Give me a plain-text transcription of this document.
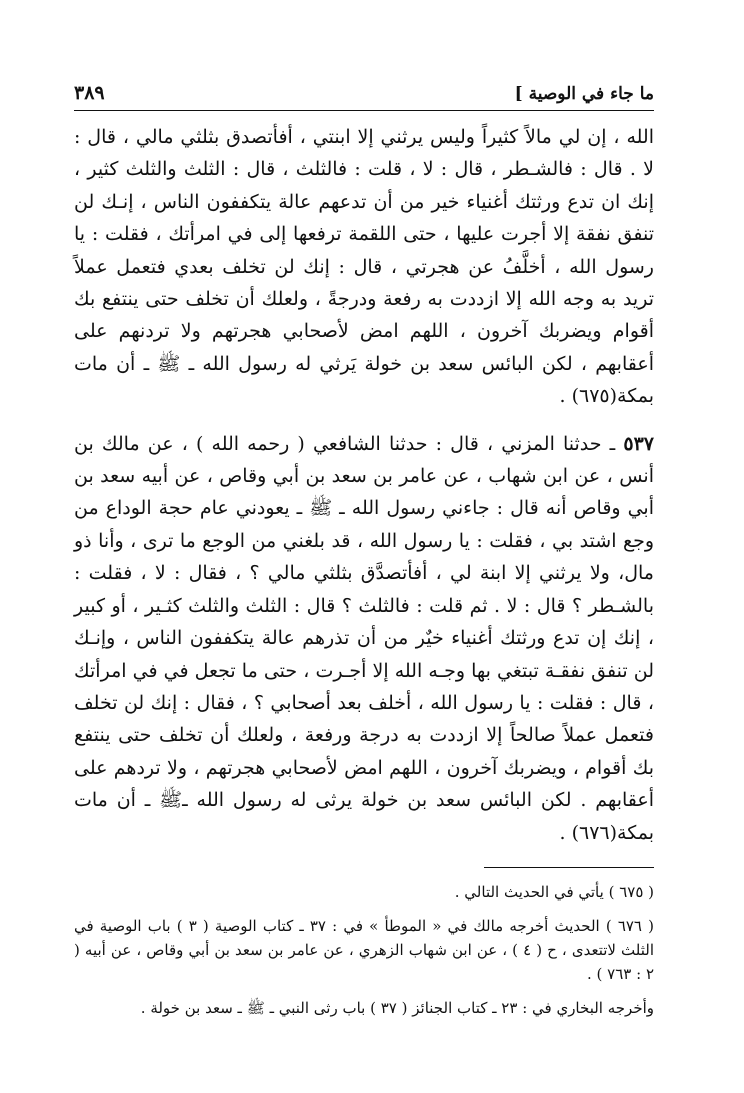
ما جاء في الوصية ]
٣٨٩

الله ، إن لي مالاً كثيراً وليس يرثني إلا ابنتي ، أفأتصدق بثلثي مالي ، قال : لا . قال : فالشـطر ، قال : لا ، قلت : فالثلث ، قال : الثلث والثلث كثير ، إنك ان تدع ورثتك أغنياء خير من أن تدعهم عالة يتكففون الناس ، إنـك لن تنفق نفقة إلا أجرت عليها ، حتى اللقمة ترفعها إلى في امرأتك ، فقلت : يا رسول الله ، أخلَّفُ عن هجرتي ، قال : إنك لن تخلف بعدي فتعمل عملاً تريد به وجه الله إلا ازددت به رفعة ودرجةً ، ولعلك أن تخلف حتى ينتفع بك أقوام ويضربك آخرون ، اللهم امض لأصحابي هجرتهم ولا تردنهم على أعقابهم ، لكن البائس سعد بن خولة يَرثي له رسول الله ـ ﷺ ـ أن مات بمكة(٦٧٥) .

٥٣٧ ـ حدثنا المزني ، قال : حدثنا الشافعي ( رحمه الله ) ، عن مالك بن أنس ، عن ابن شهاب ، عن عامر بن سعد بن أبي وقاص ، عن أبيه سعد بن أبي وقاص أنه قال : جاءني رسول الله ـ ﷺ ـ يعودني عام حجة الوداع من وجع اشتد بي ، فقلت : يا رسول الله ، قد بلغني من الوجع ما ترى ، وأنا ذو مال، ولا يرثني إلا ابنة لي ، أفأتصدَّق بثلثي مالي ؟ ، فقال : لا ، فقلت : بالشـطر ؟ قال : لا . ثم قلت : فالثلث ؟ قال : الثلث والثلث كثـير ، أو كبير ، إنك إن تدع ورثتك أغنياء خيٌر من أن تذرهم عالة يتكففون الناس ، وإنـك لن تنفق نفقـة تبتغي بها وجـه الله إلا أجـرت ، حتى ما تجعل في في امرأتك ، قال : فقلت : يا رسول الله ، أخلف بعد أصحابي ؟ ، فقال : إنك لن تخلف فتعمل عملاً صالحاً إلا ازددت به درجة ورفعة ، ولعلك أن تخلف حتى ينتفع بك أقوام ، ويضربك آخرون ، اللهم امض لأصحابي هجرتهم ، ولا تردهم على أعقابهم . لكن البائس سعد بن خولة يرثى له رسول الله ـﷺ ـ أن مات بمكة(٦٧٦) .

( ٦٧٥ ) يأتي في الحديث التالي .

( ٦٧٦ ) الحديث أخرجه مالك في « الموطأ » في : ٣٧ ـ كتاب الوصية ( ٣ ) باب الوصية في الثلث لاتتعدى ، ح ( ٤ ) ، عن ابن شهاب الزهري ، عن عامر بن سعد بن أبي وقاص ، عن أبيه ( ٢ : ٧٦٣ ) .

وأخرجه البخاري في : ٢٣ ـ كتاب الجنائز ( ٣٧ ) باب رثى النبي ـ ﷺ ـ سعد بن خولة .
